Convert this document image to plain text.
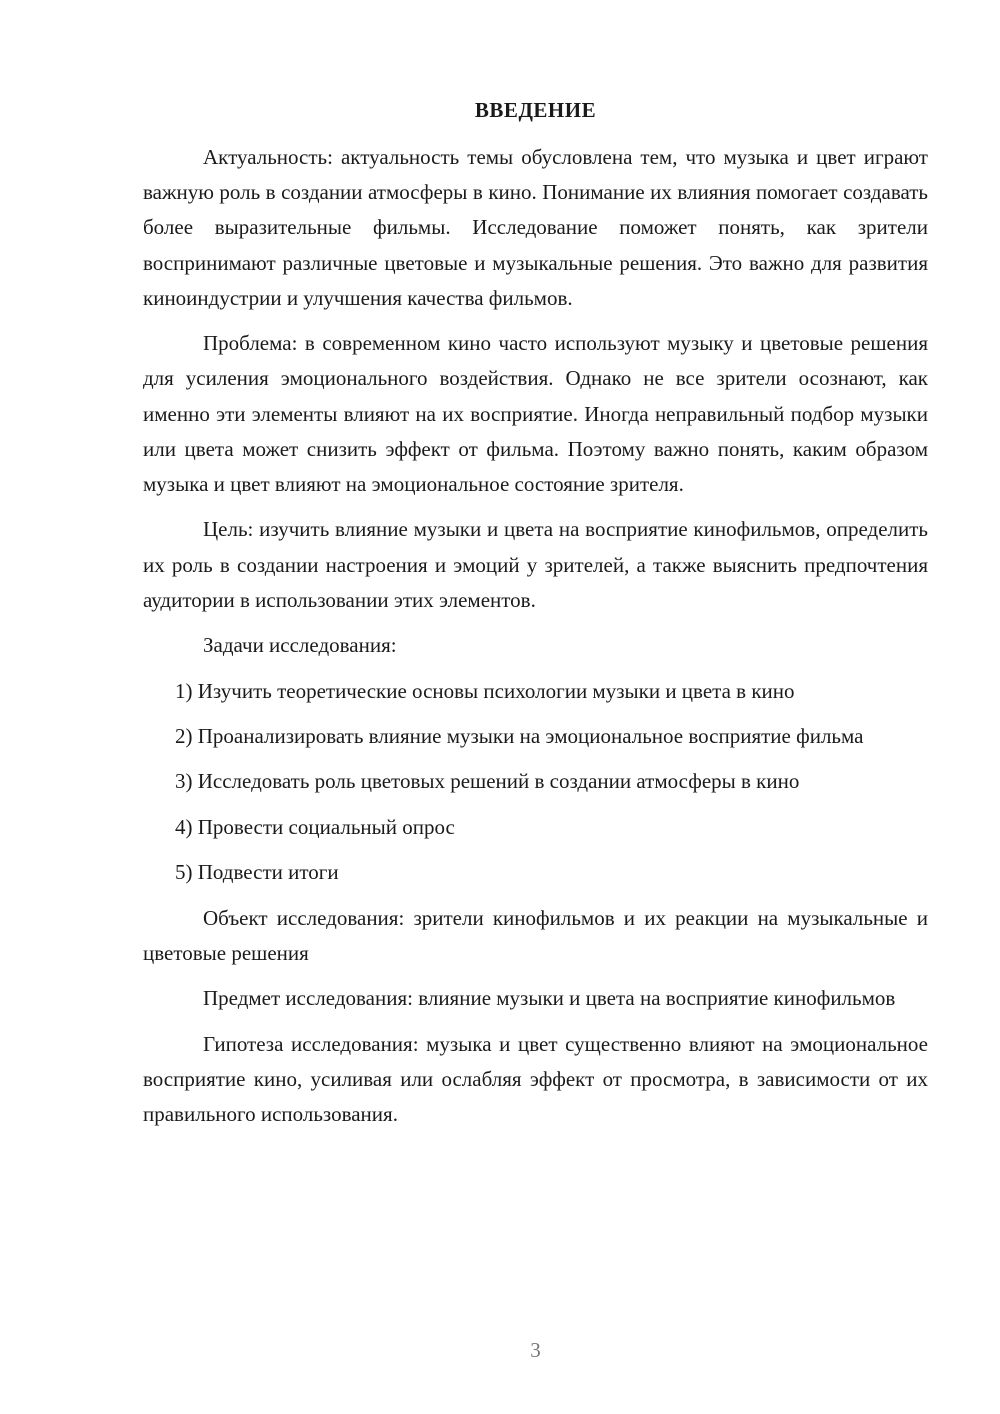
ВВЕДЕНИЕ

Актуальность: актуальность темы обусловлена тем, что музыка и цвет играют важную роль в создании атмосферы в кино. Понимание их влияния помогает создавать более выразительные фильмы. Исследование поможет понять, как зрители воспринимают различные цветовые и музыкальные решения. Это важно для развития киноиндустрии и улучшения качества фильмов.

Проблема: в современном кино часто используют музыку и цветовые решения для усиления эмоционального воздействия. Однако не все зрители осознают, как именно эти элементы влияют на их восприятие. Иногда неправильный подбор музыки или цвета может снизить эффект от фильма. Поэтому важно понять, каким образом музыка и цвет влияют на эмоциональное состояние зрителя.

Цель: изучить влияние музыки и цвета на восприятие кинофильмов, определить их роль в создании настроения и эмоций у зрителей, а также выяснить предпочтения аудитории в использовании этих элементов.

Задачи исследования:

1) Изучить теоретические основы психологии музыки и цвета в кино

2) Проанализировать влияние музыки на эмоциональное восприятие фильма

3) Исследовать роль цветовых решений в создании атмосферы в кино

4) Провести социальный опрос

5) Подвести итоги

Объект исследования: зрители кинофильмов и их реакции на музыкальные и цветовые решения

Предмет исследования: влияние музыки и цвета на восприятие кинофильмов

Гипотеза исследования: музыка и цвет существенно влияют на эмоциональное восприятие кино, усиливая или ослабляя эффект от просмотра, в зависимости от их правильного использования.

3
